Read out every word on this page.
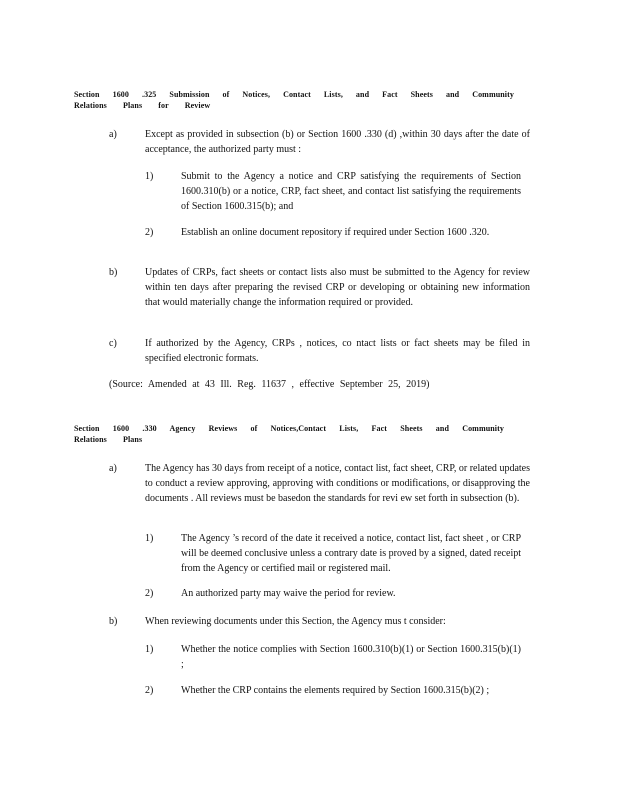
Section 1600 .325 Submission of Notices, Contact Lists, and Fact Sheets and Community
Relations Plans for Review
a)	Except as provided in subsection (b) or Section 1600 .330 (d) ,within 30 days after the date of acceptance, the authorized party must :

1)	Submit to the Agency a notice and CRP satisfying the requirements of Section 1600.310(b) or a notice, CRP, fact sheet, and contact list satisfying the requirements of Section 1600.315(b); and

2)	Establish an online document repository if required under Section 1600 .320.

b)	Updates of CRPs, fact sheets or contact lists also must be submitted to the Agency for review within ten days after preparing the revised CRP or developing or obtaining new information that would materially change the information required or provided.

c)	If authorized by the Agency, CRPs , notices, co ntact lists or fact sheets may be filed in specified electronic formats.

(Source: Amended at 43 Ill. Reg. 11637 , effective September 25, 2019)
Section 1600 .330 Agency Reviews of Notices,Contact Lists, Fact Sheets and Community
Relations Plans
a)	The Agency has 30 days from receipt of a notice, contact list, fact sheet, CRP, or related updates to conduct a review approving, approving with conditions or modifications, or disapproving the documents . All reviews must be basedon the standards for revi ew set forth in subsection (b).

1)	The Agency ’s record of the date it received a notice, contact list, fact sheet , or CRP will be deemed conclusive unless a contrary date is proved by a signed, dated receipt from the Agency or certified mail or registered mail.

2)	An authorized party may waive the period for review.

b)	When reviewing documents under this Section, the Agency mus t consider:

1)	Whether the notice complies with Section 1600.310(b)(1) or Section 1600.315(b)(1) ;

2)	Whether the CRP contains the elements required by Section 1600.315(b)(2) ;
